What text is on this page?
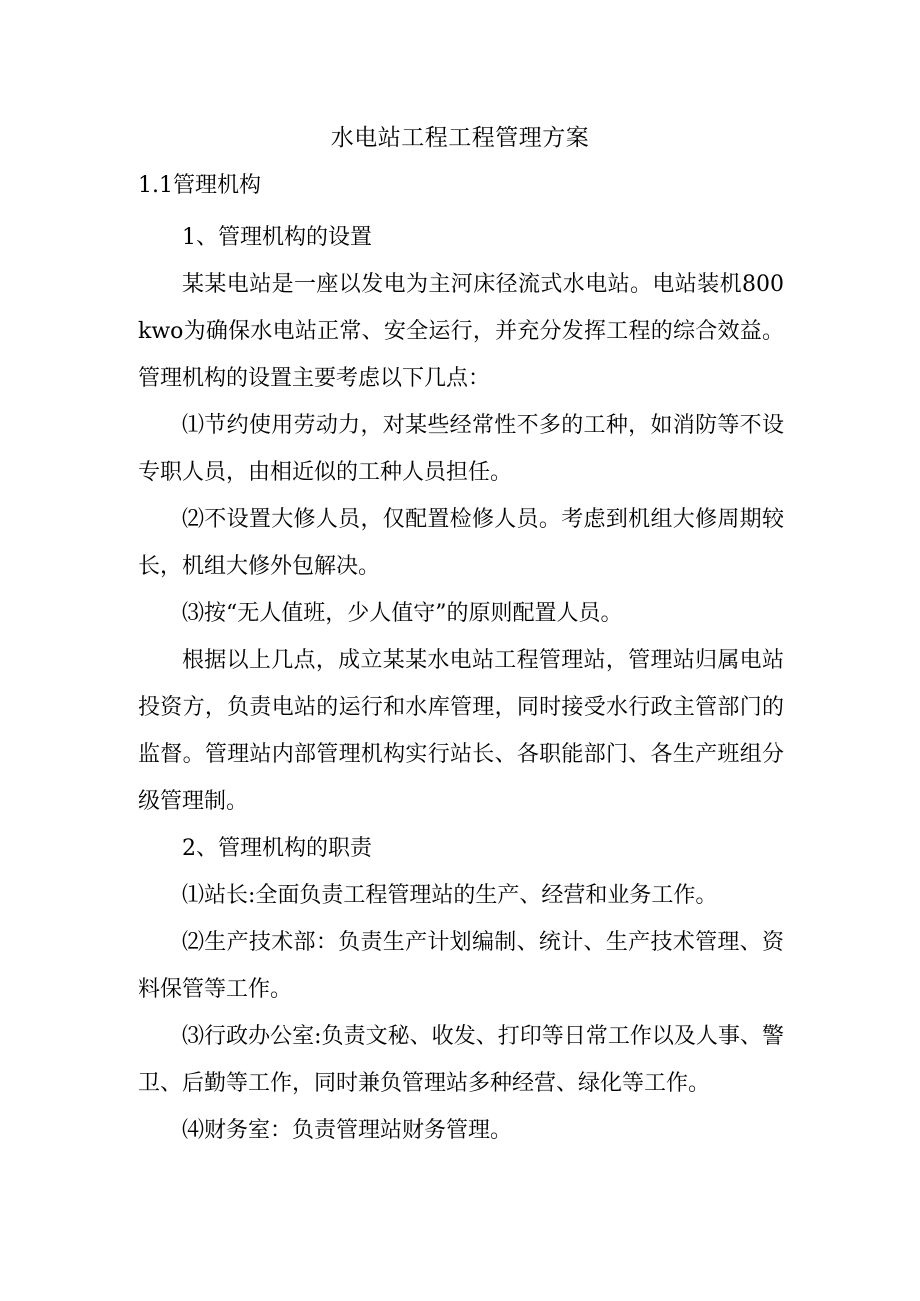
水电站工程工程管理方案
1.1管理机构

1、管理机构的设置

某某电站是一座以发电为主河床径流式水电站。电站装机800kwo为确保水电站正常、安全运行，并充分发挥工程的综合效益。管理机构的设置主要考虑以下几点：

⑴节约使用劳动力，对某些经常性不多的工种，如消防等不设专职人员，由相近似的工种人员担任。

⑵不设置大修人员，仅配置检修人员。考虑到机组大修周期较长，机组大修外包解决。

⑶按“无人值班，少人值守”的原则配置人员。

根据以上几点，成立某某水电站工程管理站，管理站归属电站投资方，负责电站的运行和水库管理，同时接受水行政主管部门的监督。管理站内部管理机构实行站长、各职能部门、各生产班组分级管理制。

2、管理机构的职责

⑴站长:全面负责工程管理站的生产、经营和业务工作。

⑵生产技术部：负责生产计划编制、统计、生产技术管理、资料保管等工作。

⑶行政办公室:负责文秘、收发、打印等日常工作以及人事、警卫、后勤等工作，同时兼负管理站多种经营、绿化等工作。

⑷财务室：负责管理站财务管理。
